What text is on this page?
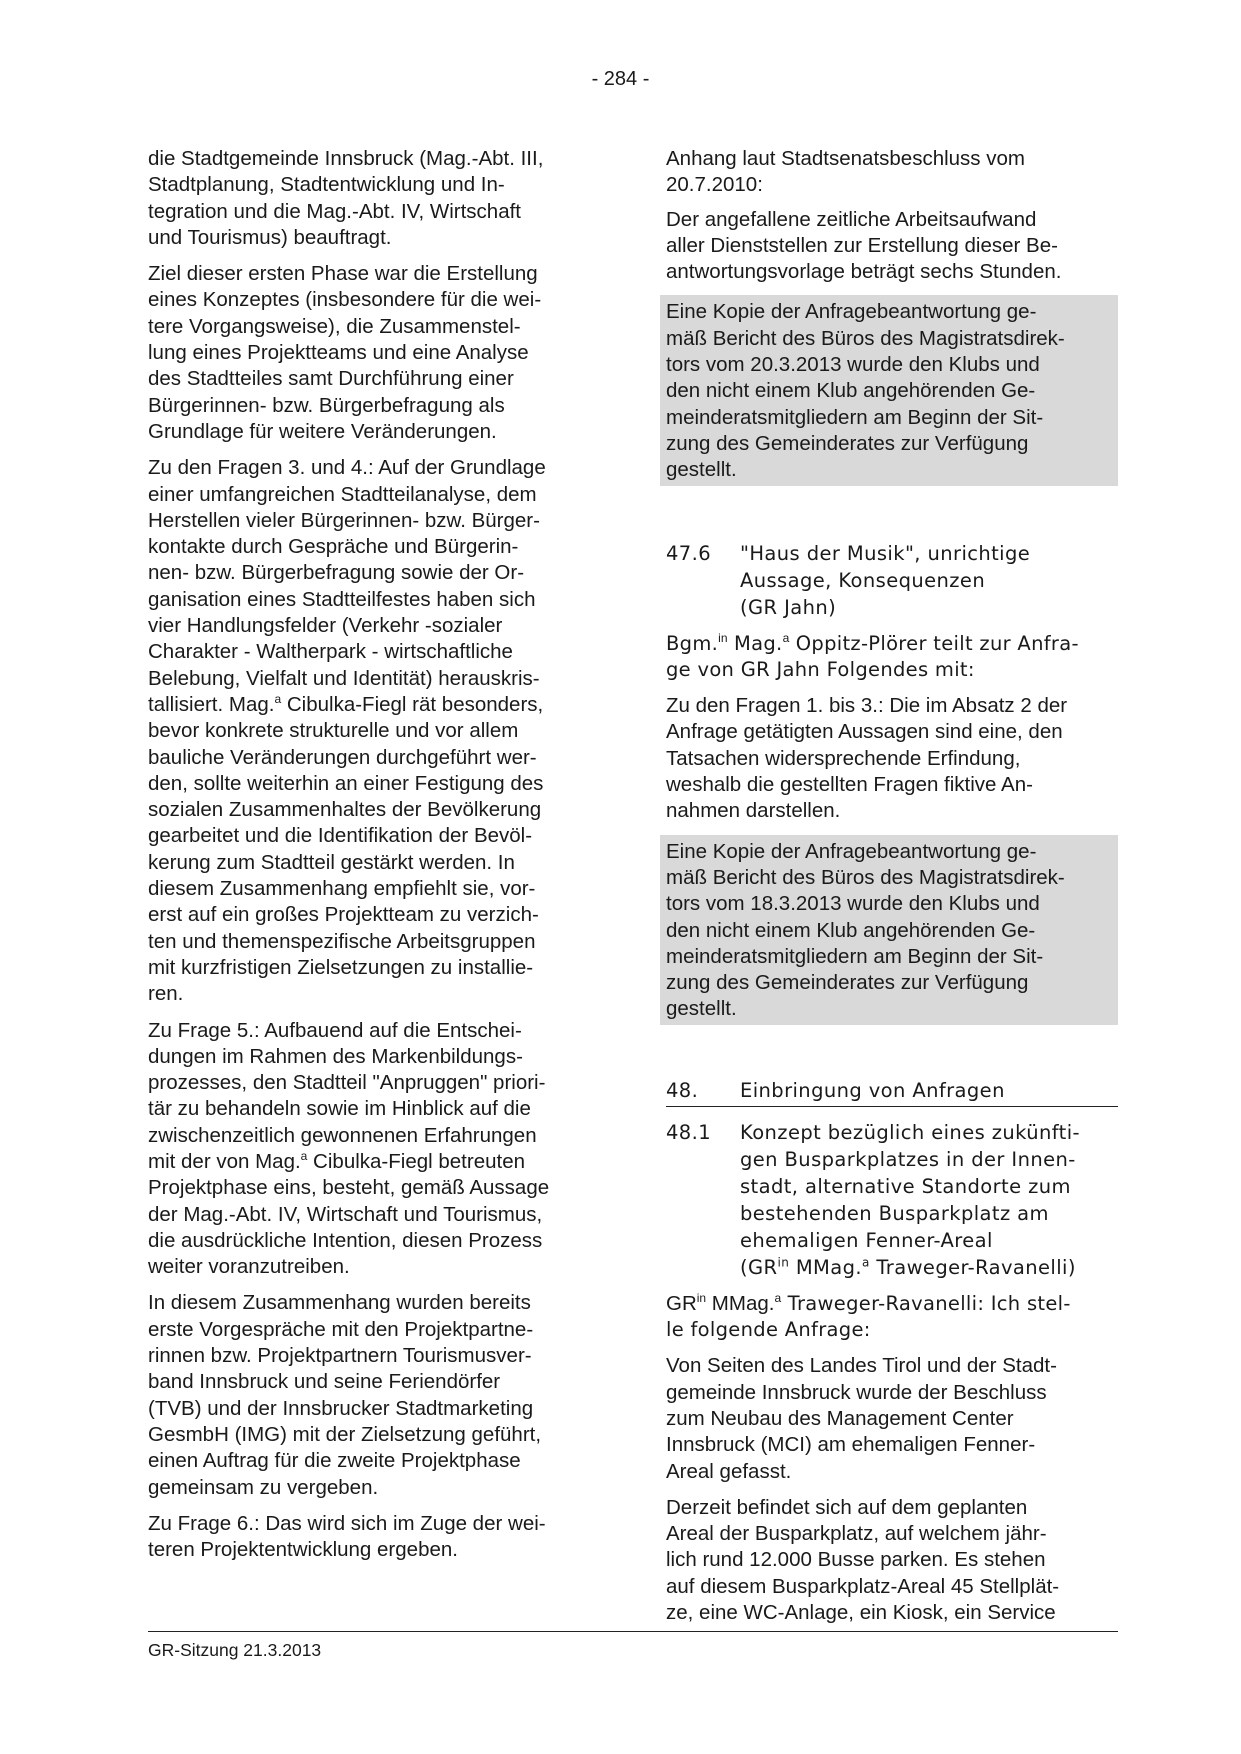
- 284 -

die Stadtgemeinde Innsbruck (Mag.-Abt. III,
Stadtplanung, Stadtentwicklung und In-
tegration und die Mag.-Abt. IV, Wirtschaft
und Tourismus) beauftragt.

Ziel dieser ersten Phase war die Erstellung
eines Konzeptes (insbesondere für die wei-
tere Vorgangsweise), die Zusammenstel-
lung eines Projektteams und eine Analyse
des Stadtteiles samt Durchführung einer
Bürgerinnen- bzw. Bürgerbefragung als
Grundlage für weitere Veränderungen.

Zu den Fragen 3. und 4.: Auf der Grundlage
einer umfangreichen Stadtteilanalyse, dem
Herstellen vieler Bürgerinnen- bzw. Bürger-
kontakte durch Gespräche und Bürgerin-
nen- bzw. Bürgerbefragung sowie der Or-
ganisation eines Stadtteilfestes haben sich
vier Handlungsfelder (Verkehr -sozialer
Charakter - Waltherpark - wirtschaftliche
Belebung, Vielfalt und Identität) herauskris-
tallisiert. Mag.$^a$ Cibulka-Fiegl rät besonders,
bevor konkrete strukturelle und vor allem
bauliche Veränderungen durchgeführt wer-
den, sollte weiterhin an einer Festigung des
sozialen Zusammenhaltes der Bevölkerung
gearbeitet und die Identifikation der Bevöl-
kerung zum Stadtteil gestärkt werden. In
diesem Zusammenhang empfiehlt sie, vor-
erst auf ein großes Projektteam zu verzich-
ten und themenspezifische Arbeitsgruppen
mit kurzfristigen Zielsetzungen zu installie-
ren.

Zu Frage 5.: Aufbauend auf die Entschei-
dungen im Rahmen des Markenbildungs-
prozesses, den Stadtteil "Anpruggen" priori-
tär zu behandeln sowie im Hinblick auf die
zwischenzeitlich gewonnenen Erfahrungen
mit der von Mag.$^a$ Cibulka-Fiegl betreuten
Projektphase eins, besteht, gemäß Aussage
der Mag.-Abt. IV, Wirtschaft und Tourismus,
die ausdrückliche Intention, diesen Prozess
weiter voranzutreiben.

In diesem Zusammenhang wurden bereits
erste Vorgespräche mit den Projektpartne-
rinnen bzw. Projektpartnern Tourismusver-
band Innsbruck und seine Feriendörfer
(TVB) und der Innsbrucker Stadtmarketing
GesmbH (IMG) mit der Zielsetzung geführt,
einen Auftrag für die zweite Projektphase
gemeinsam zu vergeben.

Zu Frage 6.: Das wird sich im Zuge der wei-
teren Projektentwicklung ergeben.

Anhang laut Stadtsenatsbeschluss vom
20.7.2010:

Der angefallene zeitliche Arbeitsaufwand
aller Dienststellen zur Erstellung dieser Be-
antwortungsvorlage beträgt sechs Stunden.

Eine Kopie der Anfragebeantwortung ge-
mäß Bericht des Büros des Magistratsdirek-
tors vom 20.3.2013 wurde den Klubs und
den nicht einem Klub angehörenden Ge-
meinderatsmitgliedern am Beginn der Sit-
zung des Gemeinderates zur Verfügung
gestellt.

47.6	"Haus der Musik", unrichtige
Aussage, Konsequenzen
(GR Jahn)

Bgm.$^{in}$ Mag.$^a$ Oppitz-Plörer teilt zur Anfra-
ge von GR Jahn Folgendes mit:

Zu den Fragen 1. bis 3.: Die im Absatz 2 der
Anfrage getätigten Aussagen sind eine, den
Tatsachen widersprechende Erfindung,
weshalb die gestellten Fragen fiktive An-
nahmen darstellen.

Eine Kopie der Anfragebeantwortung ge-
mäß Bericht des Büros des Magistratsdirek-
tors vom 18.3.2013 wurde den Klubs und
den nicht einem Klub angehörenden Ge-
meinderatsmitgliedern am Beginn der Sit-
zung des Gemeinderates zur Verfügung
gestellt.

48.	Einbringung von Anfragen
48.1	Konzept bezüglich eines zukünfti-
gen Busparkplatzes in der Innen-
stadt, alternative Standorte zum
bestehenden Busparkplatz am
ehemaligen Fenner-Areal
($GR^{in}$ MMag.$^a$ Traweger-Ravanelli)

$GR^{in}$ MMag.$^a$ Traweger-Ravanelli: Ich stel-
le folgende Anfrage:

Von Seiten des Landes Tirol und der Stadt-
gemeinde Innsbruck wurde der Beschluss
zum Neubau des Management Center
Innsbruck (MCI) am ehemaligen Fenner-
Areal gefasst.

Derzeit befindet sich auf dem geplanten
Areal der Busparkplatz, auf welchem jähr-
lich rund 12.000 Busse parken. Es stehen
auf diesem Busparkplatz-Areal 45 Stellplät-
ze, eine WC-Anlage, ein Kiosk, ein Service

GR-Sitzung 21.3.2013
